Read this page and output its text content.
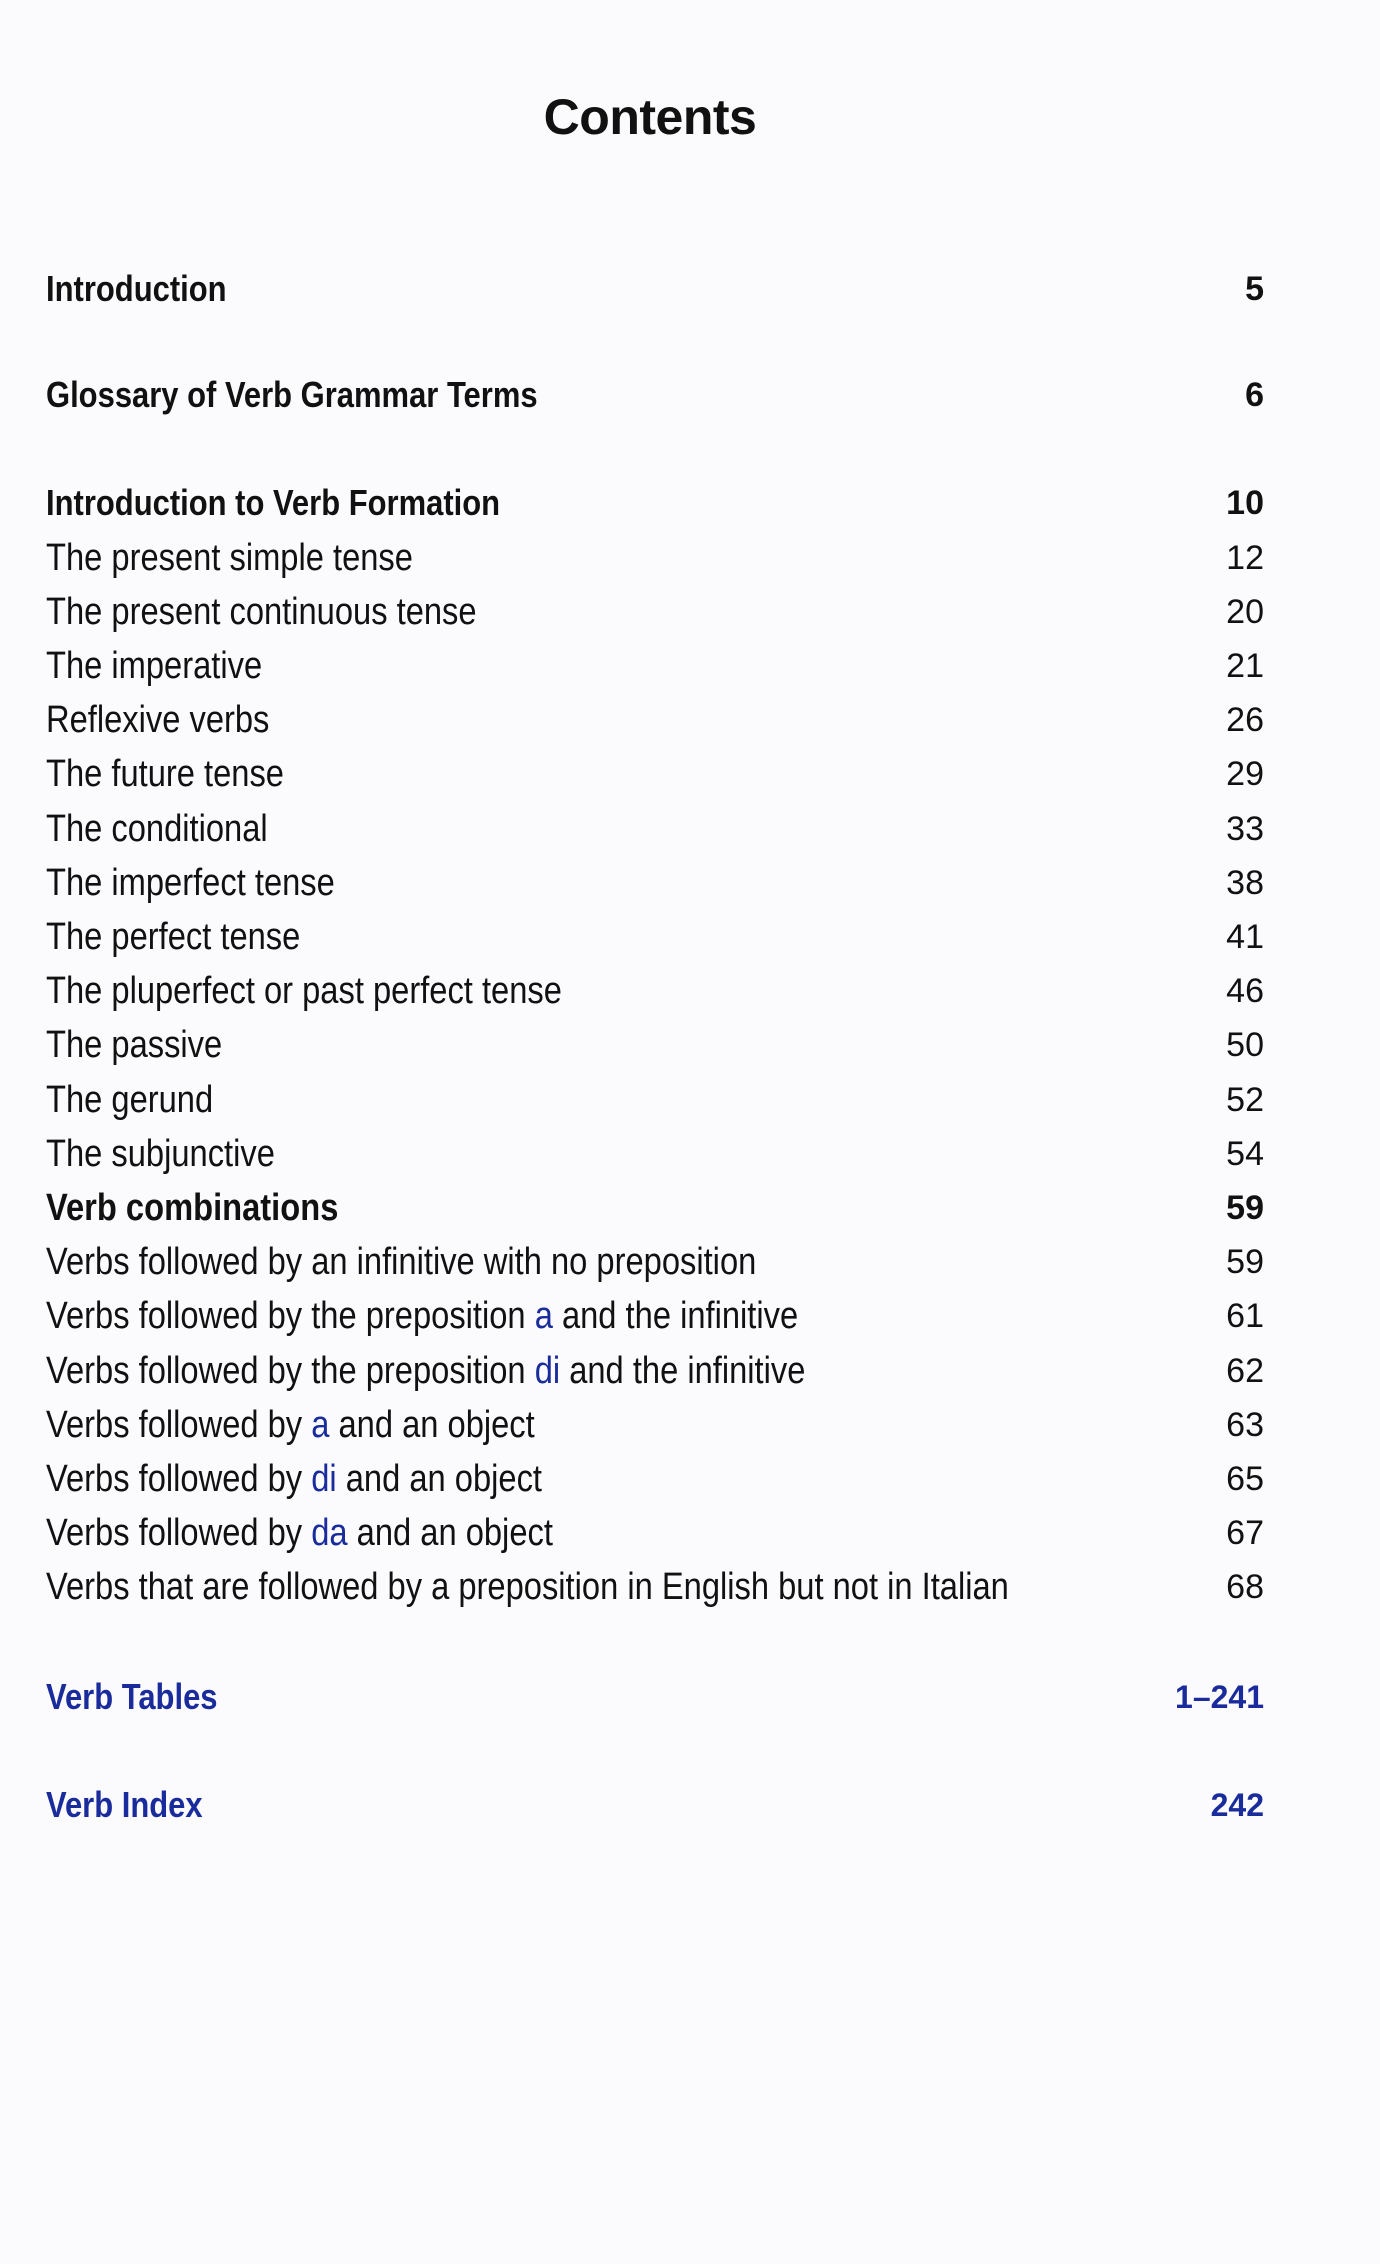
Contents
Introduction	5
Glossary of Verb Grammar Terms	6
Introduction to Verb Formation	10
The present simple tense	12
The present continuous tense	20
The imperative	21
Reflexive verbs	26
The future tense	29
The conditional	33
The imperfect tense	38
The perfect tense	41
The pluperfect or past perfect tense	46
The passive	50
The gerund	52
The subjunctive	54
Verb combinations	59
Verbs followed by an infinitive with no preposition	59
Verbs followed by the preposition a and the infinitive	61
Verbs followed by the preposition di and the infinitive	62
Verbs followed by a and an object	63
Verbs followed by di and an object	65
Verbs followed by da and an object	67
Verbs that are followed by a preposition in English but not in Italian	68
Verb Tables	1–241
Verb Index	242
